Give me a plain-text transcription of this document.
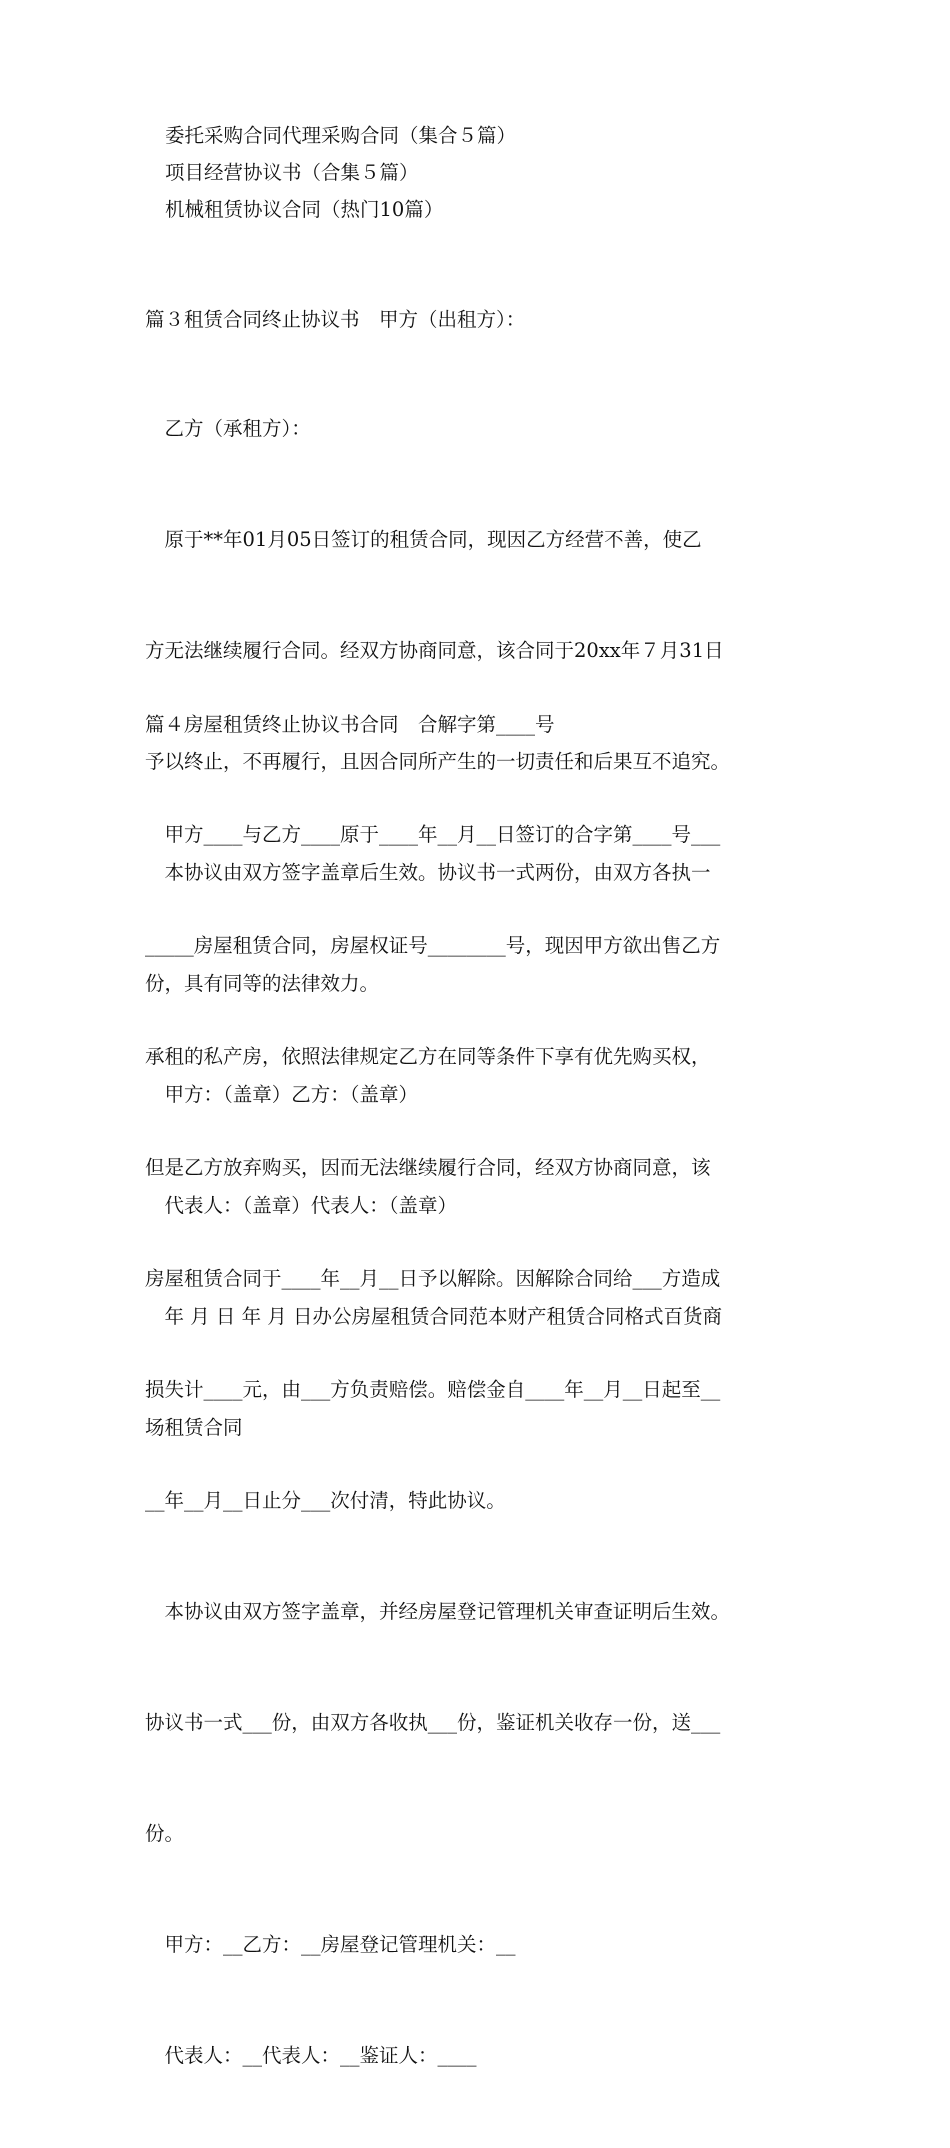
委托采购合同代理采购合同（集合５篇）
项目经营协议书（合集５篇）
机械租赁协议合同（热门10篇）
篇３租赁合同终止协议书　甲方（出租方）：

　乙方（承租方）：

　原于**年01月05日签订的租赁合同，现因乙方经营不善，使乙

方无法继续履行合同。经双方协商同意，该合同于20xx年７月31日

予以终止，不再履行，且因合同所产生的一切责任和后果互不追究。

　本协议由双方签字盖章后生效。协议书一式两份，由双方各执一

份，具有同等的法律效力。

　甲方：（盖章）乙方：（盖章）

　代表人：（盖章）代表人：（盖章）

　年 月 日 年 月 日办公房屋租赁合同范本财产租赁合同格式百货商

场租赁合同

篇４房屋租赁终止协议书合同　合解字第____号

　甲方____与乙方____原于____年__月__日签订的合字第____号___

_____房屋租赁合同，房屋权证号________号，现因甲方欲出售乙方

承租的私产房，依照法律规定乙方在同等条件下享有优先购买权，

但是乙方放弃购买，因而无法继续履行合同，经双方协商同意，该

房屋租赁合同于____年__月__日予以解除。因解除合同给___方造成

损失计____元，由___方负责赔偿。赔偿金自____年__月__日起至__

__年__月__日止分___次付清，特此协议。

　本协议由双方签字盖章，并经房屋登记管理机关审查证明后生效。

协议书一式___份，由双方各收执___份，鉴证机关收存一份，送___

份。

　甲方：__乙方：__房屋登记管理机关：__

　代表人：__代表人：__鉴证人：____
